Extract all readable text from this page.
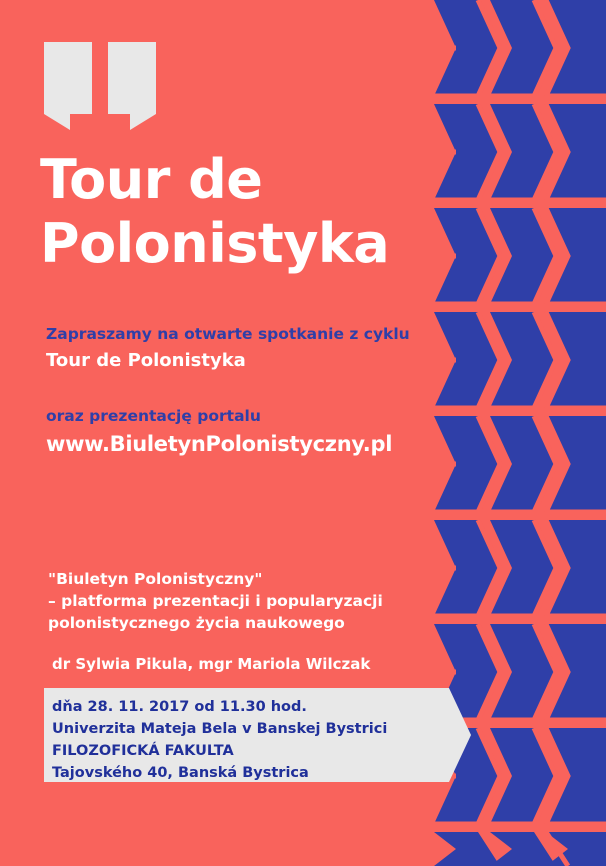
Tour de
Polonistyka

Zapraszamy na otwarte spotkanie z cyklu

Tour de Polonistyka

oraz prezentację portalu

www.BiuletynPolonistyczny.pl

"Biuletyn Polonistyczny"

– platforma prezentacji i popularyzacji

polonistycznego życia naukowego

dr Sylwia Pikula, mgr Mariola Wilczak

dňa 28. 11. 2017 od 11.30 hod.

Univerzita Mateja Bela v Banskej Bystrici

FILOZOFICKÁ FAKULTA

Tajovského 40, Banská Bystrica
